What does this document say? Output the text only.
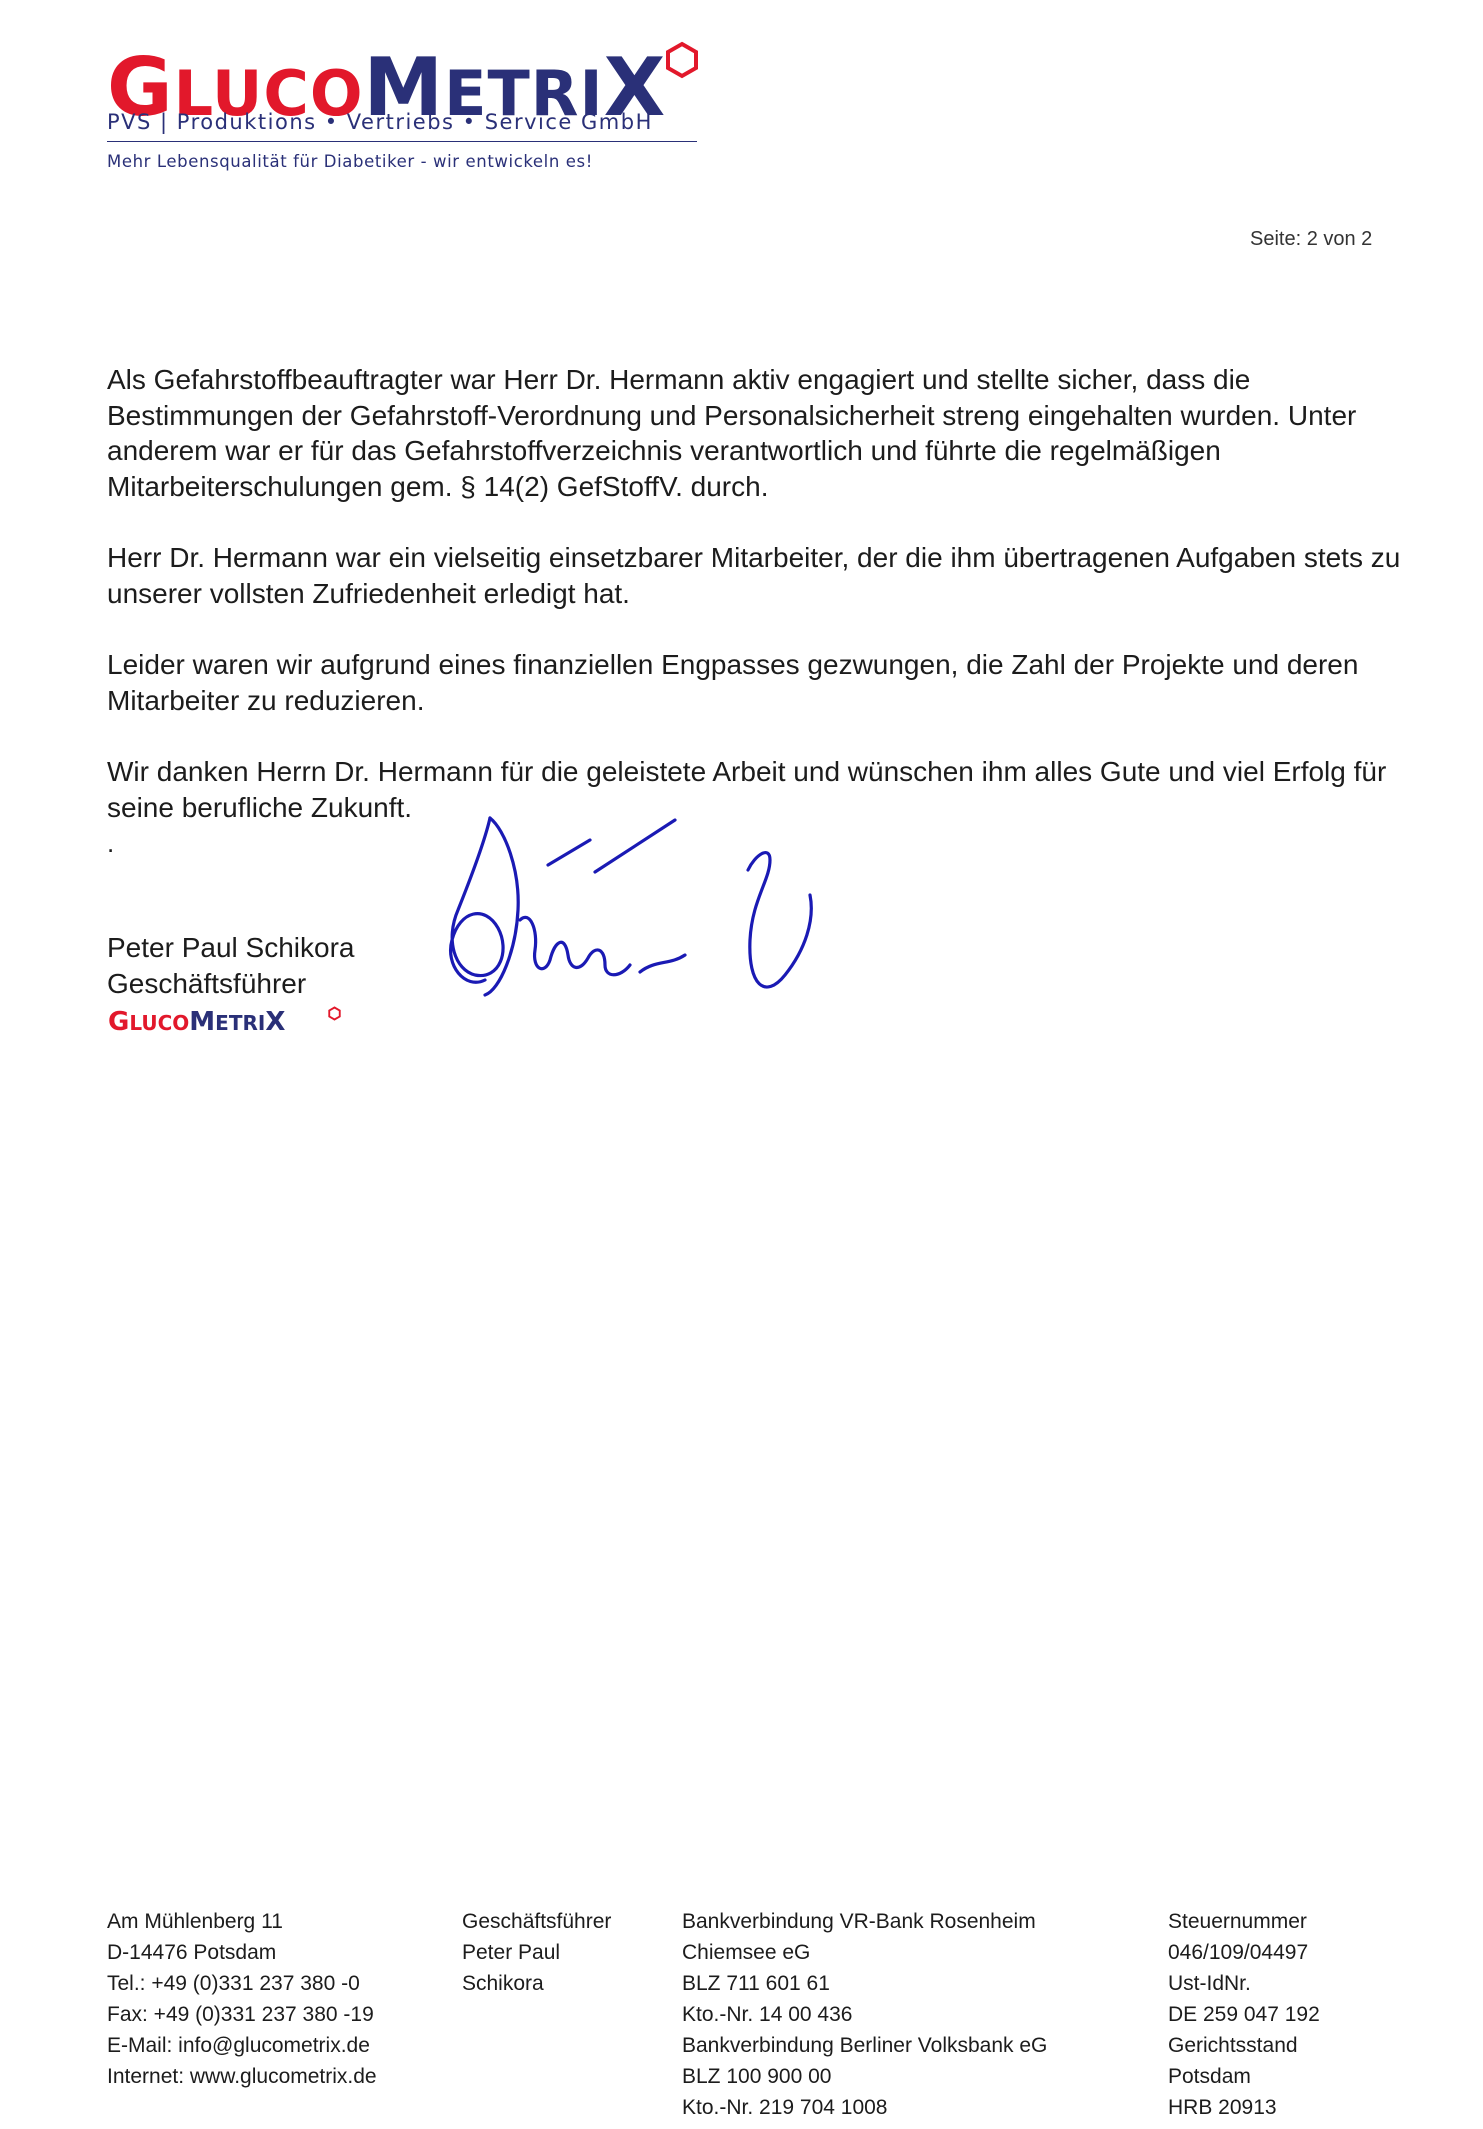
GLUCOMETRIX
PVS | Produktions • Vertriebs • Service GmbH
Mehr Lebensqualität für Diabetiker - wir entwickeln es!
Seite: 2 von 2

Als Gefahrstoffbeauftragter war Herr Dr. Hermann aktiv engagiert und stellte sicher, dass die Bestimmungen der Gefahrstoff-Verordnung und Personalsicherheit streng eingehalten wurden. Unter anderem war er für das Gefahrstoffverzeichnis verantwortlich und führte die regelmäßigen Mitarbeiterschulungen gem. § 14(2) GefStoffV. durch.

Herr Dr. Hermann war ein vielseitig einsetzbarer Mitarbeiter, der die ihm übertragenen Aufgaben stets zu unserer vollsten Zufriedenheit erledigt hat.

Leider waren wir aufgrund eines finanziellen Engpasses gezwungen, die Zahl der Projekte und deren Mitarbeiter zu reduzieren.

Wir danken Herrn Dr. Hermann für die geleistete Arbeit und wünschen ihm alles Gute und viel Erfolg für seine berufliche Zukunft.

.
Peter Paul Schikora
Geschäftsführer
GLUCOMETRIX
Am Mühlenberg 11
D-14476 Potsdam
Tel.: +49 (0)331 237 380 -0
Fax: +49 (0)331 237 380 -19
E-Mail: info@glucometrix.de
Internet: www.glucometrix.de
Geschäftsführer
Peter Paul
Schikora
Bankverbindung VR-Bank Rosenheim
Chiemsee eG
BLZ 711 601 61
Kto.-Nr. 14 00 436
Bankverbindung Berliner Volksbank eG
BLZ 100 900 00
Kto.-Nr. 219 704 1008
Steuernummer
046/109/04497
Ust-IdNr.
DE 259 047 192
Gerichtsstand
Potsdam
HRB 20913
